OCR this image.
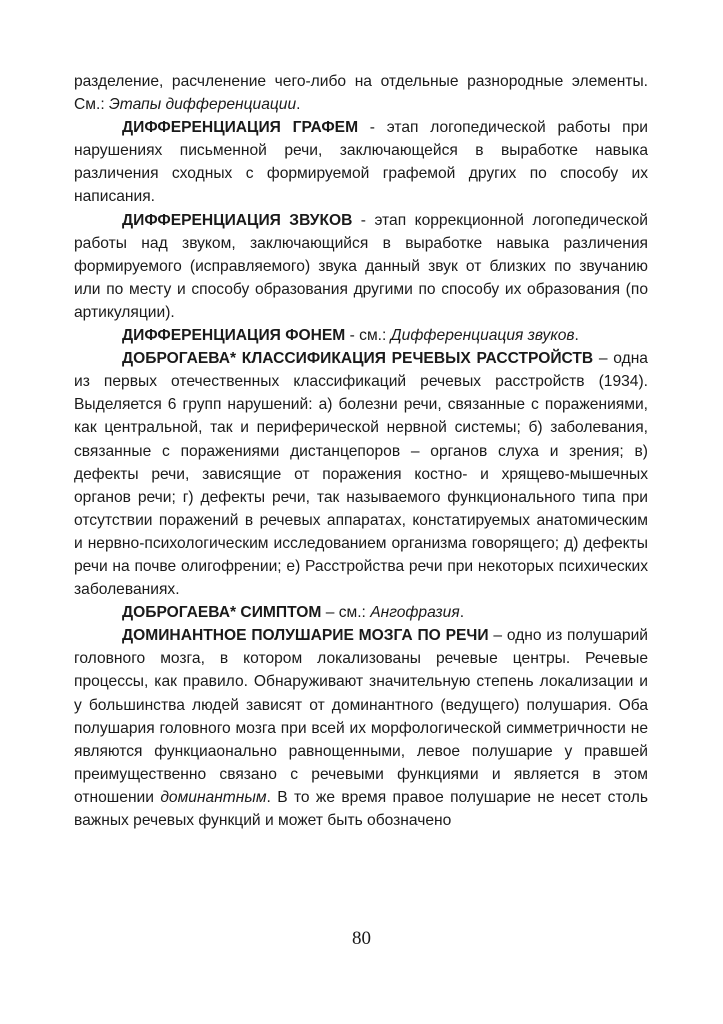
разделение, расчленение чего-либо на отдельные разнородные элементы. См.: Этапы дифференциации.

ДИФФЕРЕНЦИАЦИЯ ГРАФЕМ - этап логопедической работы при нарушениях письменной речи, заключающейся в выработке навыка различения сходных с формируемой графемой других по способу их написания.

ДИФФЕРЕНЦИАЦИЯ ЗВУКОВ - этап коррекционной логопедической работы над звуком, заключающийся в выработке навыка различения формируемого (исправляемого) звука данный звук от близких по звучанию или по месту и способу образования другими по способу их образования (по артикуляции).

ДИФФЕРЕНЦИАЦИЯ ФОНЕМ - см.: Дифференциация звуков.

ДОБРОГАЕВА* КЛАССИФИКАЦИЯ РЕЧЕВЫХ РАССТРОЙСТВ – одна из первых отечественных классификаций речевых расстройств (1934). Выделяется 6 групп нарушений: а) болезни речи, связанные с поражениями, как центральной, так и периферической нервной системы; б) заболевания, связанные с поражениями дистанцепоров – органов слуха и зрения; в) дефекты речи, зависящие от поражения костно- и хрящево-мышечных органов речи; г) дефекты речи, так называемого функционального типа при отсутствии поражений в речевых аппаратах, констатируемых анатомическим и нервно-психологическим исследованием организма говорящего; д) дефекты речи на почве олигофрении; е) Расстройства речи при некоторых психических заболеваниях.

ДОБРОГАЕВА* СИМПТОМ – см.: Ангофразия.

ДОМИНАНТНОЕ ПОЛУШАРИЕ МОЗГА ПО РЕЧИ – одно из полушарий головного мозга, в котором локализованы речевые центры. Речевые процессы, как правило. Обнаруживают значительную степень локализации и у большинства людей зависят от доминантного (ведущего) полушария. Оба полушария головного мозга при всей их морфологической симметричности не являются функциаонально равнощенными, левое полушарие у правшей преимущественно связано с речевыми функциями и является в этом отношении доминантным. В то же время правое полушарие не несет столь важных речевых функций и может быть обозначено

80
